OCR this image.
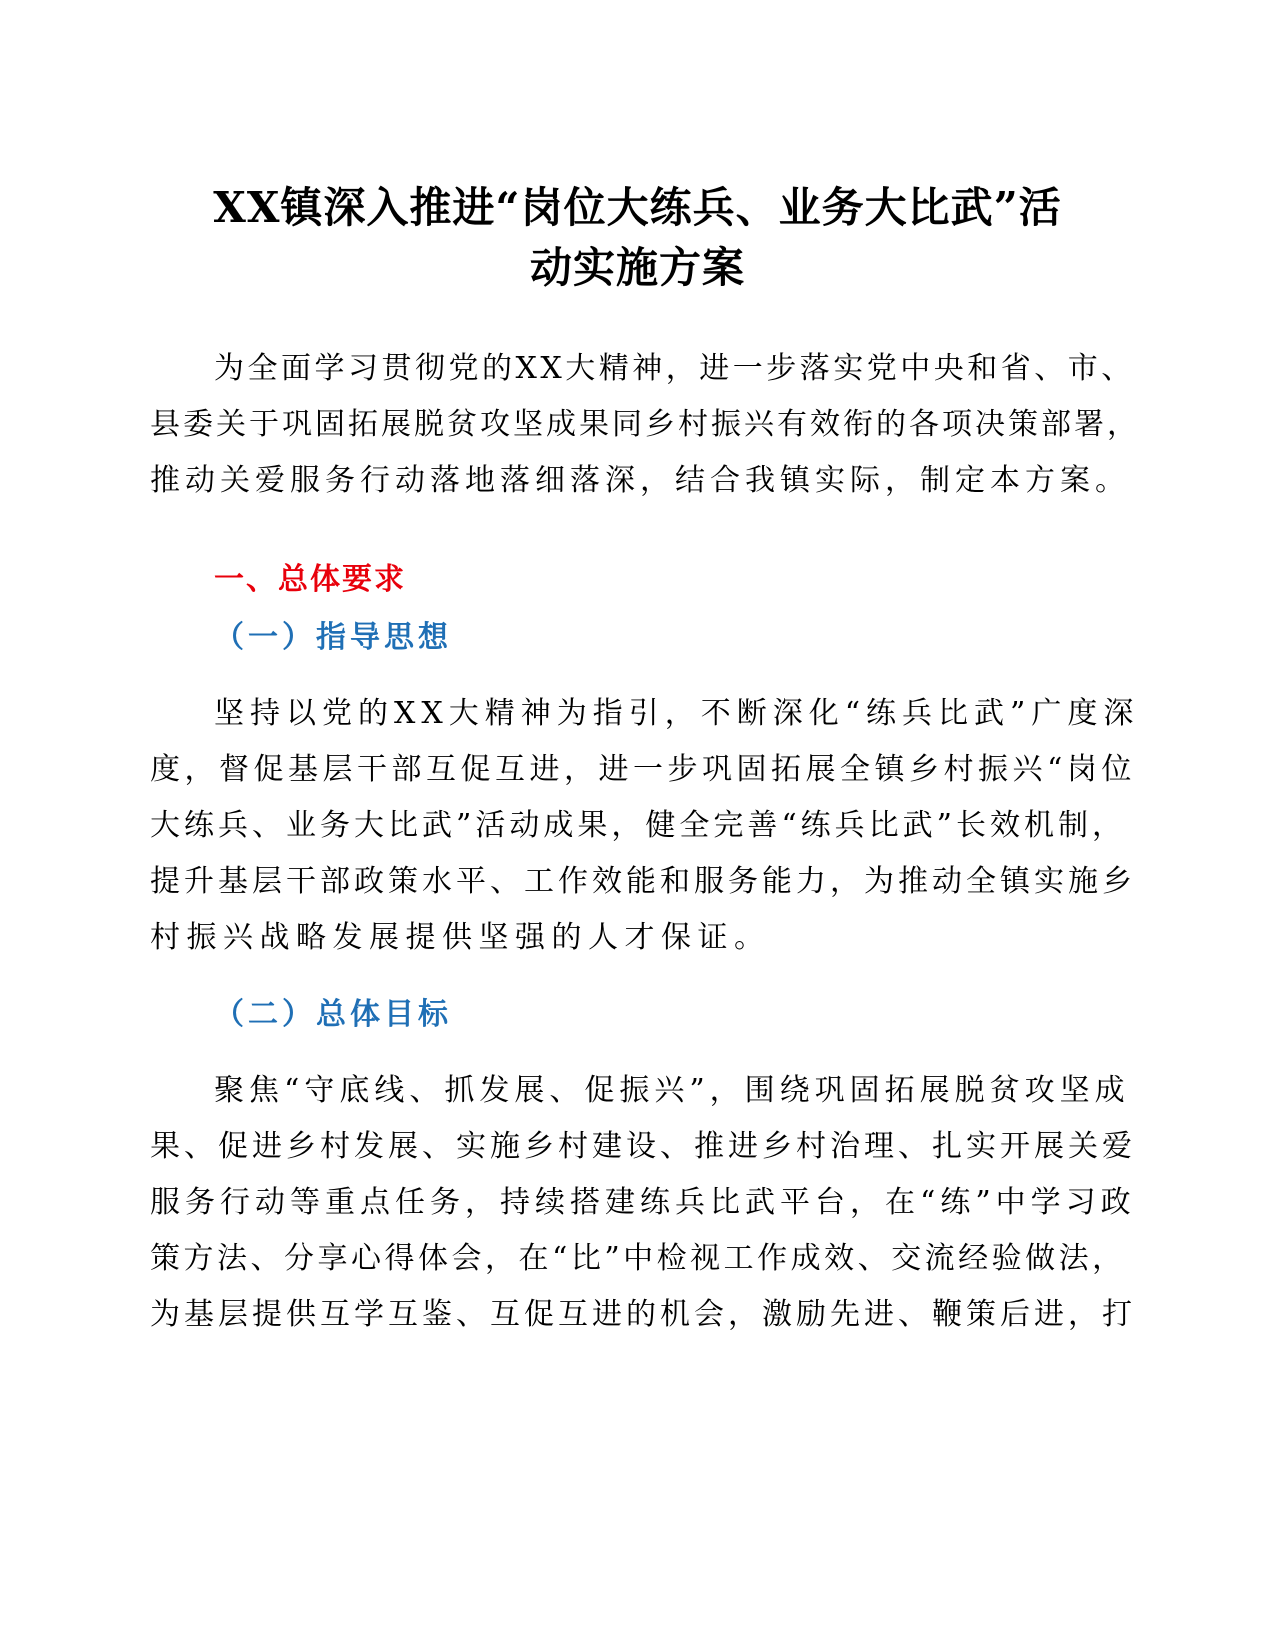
XX镇深入推进“岗位大练兵、业务大比武”活
动实施方案

为全面学习贯彻党的XX大精神，进一步落实党中央和省、市、
县委关于巩固拓展脱贫攻坚成果同乡村振兴有效衔的各项决策部署，
推动关爱服务行动落地落细落深，结合我镇实际，制定本方案。

一、总体要求
（一）指导思想

坚持以党的XX大精神为指引，不断深化“练兵比武”广度深
度，督促基层干部互促互进，进一步巩固拓展全镇乡村振兴“岗位
大练兵、业务大比武”活动成果，健全完善“练兵比武”长效机制，
提升基层干部政策水平、工作效能和服务能力，为推动全镇实施乡
村振兴战略发展提供坚强的人才保证。

（二）总体目标

聚焦“守底线、抓发展、促振兴”，围绕巩固拓展脱贫攻坚成
果、促进乡村发展、实施乡村建设、推进乡村治理、扎实开展关爱
服务行动等重点任务，持续搭建练兵比武平台，在“练”中学习政
策方法、分享心得体会，在“比”中检视工作成效、交流经验做法，
为基层提供互学互鉴、互促互进的机会，激励先进、鞭策后进，打
